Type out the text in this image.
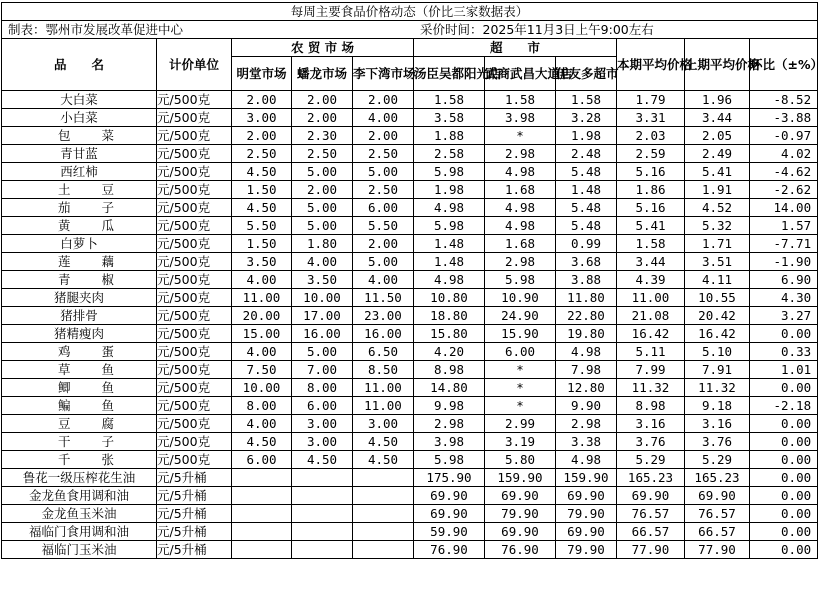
每周主要食品价格动态（价比三家数据表）										
制表：鄂州市发展改革促进中心 采价时间：2025年11月3日上午9:00左右										
品　　名	计价单位	农 贸 市 场			超　　市			本期平均价格	上期平均价格	环比（±%）
		明堂市场	蟠龙市场	李下湾市场	汤臣吴都阳光店	武商武昌大道店	佳友多超市			
大白菜	元/500克	2.00	2.00	2.00	1.58	1.58	1.58	1.79	1.96	-8.52
小白菜	元/500克	3.00	2.00	4.00	3.58	3.98	3.28	3.31	3.44	-3.88
包菜	元/500克	2.00	2.30	2.00	1.88	*	1.98	2.03	2.05	-0.97
青甘蓝	元/500克	2.50	2.50	2.50	2.58	2.98	2.48	2.59	2.49	4.02
西红柿	元/500克	4.50	5.00	5.00	5.98	4.98	5.48	5.16	5.41	-4.62
土豆	元/500克	1.50	2.00	2.50	1.98	1.68	1.48	1.86	1.91	-2.62
茄子	元/500克	4.50	5.00	6.00	4.98	4.98	5.48	5.16	4.52	14.00
黄瓜	元/500克	5.50	5.00	5.50	5.98	4.98	5.48	5.41	5.32	1.57
白萝卜	元/500克	1.50	1.80	2.00	1.48	1.68	0.99	1.58	1.71	-7.71
莲藕	元/500克	3.50	4.00	5.00	1.48	2.98	3.68	3.44	3.51	-1.90
青椒	元/500克	4.00	3.50	4.00	4.98	5.98	3.88	4.39	4.11	6.90
猪腿夹肉	元/500克	11.00	10.00	11.50	10.80	10.90	11.80	11.00	10.55	4.30
猪排骨	元/500克	20.00	17.00	23.00	18.80	24.90	22.80	21.08	20.42	3.27
猪精瘦肉	元/500克	15.00	16.00	16.00	15.80	15.90	19.80	16.42	16.42	0.00
鸡蛋	元/500克	4.00	5.00	6.50	4.20	6.00	4.98	5.11	5.10	0.33
草鱼	元/500克	7.50	7.00	8.50	8.98	*	7.98	7.99	7.91	1.01
鲫鱼	元/500克	10.00	8.00	11.00	14.80	*	12.80	11.32	11.32	0.00
鳊鱼	元/500克	8.00	6.00	11.00	9.98	*	9.90	8.98	9.18	-2.18
豆腐	元/500克	4.00	3.00	3.00	2.98	2.99	2.98	3.16	3.16	0.00
干子	元/500克	4.50	3.00	4.50	3.98	3.19	3.38	3.76	3.76	0.00
千张	元/500克	6.00	4.50	4.50	5.98	5.80	4.98	5.29	5.29	0.00
鲁花一级压榨花生油	元/5升桶				175.90	159.90	159.90	165.23	165.23	0.00
金龙鱼食用调和油	元/5升桶				69.90	69.90	69.90	69.90	69.90	0.00
金龙鱼玉米油	元/5升桶				69.90	79.90	79.90	76.57	76.57	0.00
福临门食用调和油	元/5升桶				59.90	69.90	69.90	66.57	66.57	0.00
福临门玉米油	元/5升桶				76.90	76.90	79.90	77.90	77.90	0.00
